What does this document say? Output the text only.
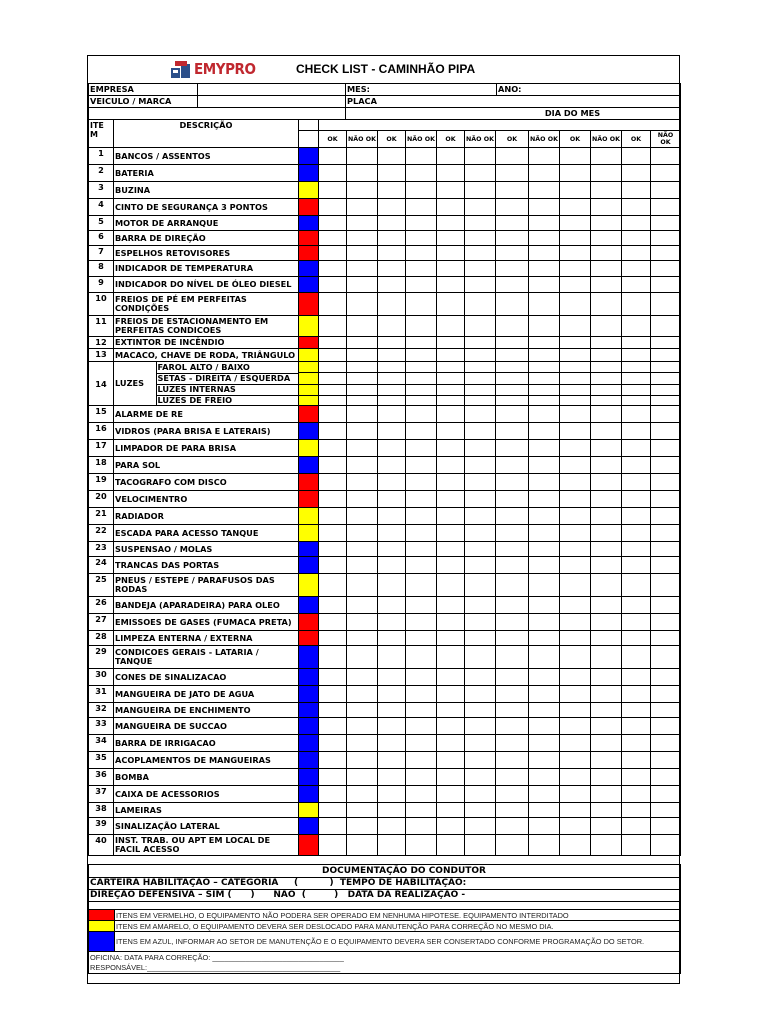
EMYPRO	CHECK LIST - CAMINHÃO PIPA
EMPRESA		MES:	ANO:
VEICULO / MARCA		PLACA	
		DIA DO MES	
ITE M	DESCRIÇÃO		
		OK	NÃO OK	OK	NÃO OK	OK	NÃO OK	OK	NÃO OK	OK	NÃO OK	OK	NÃO OK
1	BANCOS / ASSENTOS													
2	BATERIA													
3	BUZINA													
4	CINTO DE SEGURANÇA 3 PONTOS													
5	MOTOR DE ARRANQUE													
6	BARRA DE DIREÇÃO													
7	ESPELHOS RETOVISORES													
8	INDICADOR DE TEMPERATURA													
9	INDICADOR DO NÍVEL DE ÓLEO DIESEL													
10	FREIOS DE PÉ EM PERFEITAS CONDIÇÕES													
11	FREIOS DE ESTACIONAMENTO EM PERFEITAS CONDICOES													
12	EXTINTOR DE INCÊNDIO													
13	MACACO, CHAVE DE RODA, TRIÂNGULO													
14	LUZES	FAROL ALTO / BAIXO
SETAS - DIREITA / ESQUERDA
LUZES INTERNAS
LUZES DE FREIO

15	ALARME DE RE													
16	VIDROS (PARA BRISA E LATERAIS)													
17	LIMPADOR DE PARA BRISA													
18	PARA SOL													
19	TACOGRAFO COM DISCO													
20	VELOCIMENTRO													
21	RADIADOR													
22	ESCADA PARA ACESSO TANQUE													
23	SUSPENSAO / MOLAS													
24	TRANCAS DAS PORTAS													
25	PNEUS / ESTEPE / PARAFUSOS DAS RODAS													
26	BANDEJA (APARADEIRA) PARA OLEO													
27	EMISSOES DE GASES (FUMACA PRETA)													
28	LIMPEZA ENTERNA / EXTERNA													
29	CONDICOES GERAIS - LATARIA / TANQUE													
30	CONES DE SINALIZACAO													
31	MANGUEIRA DE JATO DE AGUA													
32	MANGUEIRA DE ENCHIMENTO													
33	MANGUEIRA DE SUCCAO													
34	BARRA DE IRRIGACAO													
35	ACOPLAMENTOS DE MANGUEIRAS													
36	BOMBA													
37	CAIXA DE ACESSORIOS													
38	LAMEIRAS													
39	SINALIZAÇÃO LATERAL													
40	INST. TRAB. OU APT EM LOCAL DE FACIL ACESSO													
DOCUMENTAÇÃO DO CONDUTOR	
CARTEIRA HABILITAÇÃO – CATEGORIA     (          )  TEMPO DE HABILITAÇÃO:	
DIREÇÃO DEFENSIVA – SIM (      )      NÃO  (         )   DATA DA REALIZAÇÃO -	

	ITENS EM VERMELHO, O EQUIPAMENTO NÃO PODERA SER OPERADO EM NENHUMA HIPOTESE. EQUIPAMENTO INTERDITADO
	ITENS EM AMARELO, O EQUIPAMENTO DEVERA SER DESLOCADO PARA MANUTENÇÃO PARA CORREÇÃO NO MESMO DIA.
	ITENS EM AZUL, INFORMAR AO SETOR DE MANUTENÇÃO E O EQUIPAMENTO DEVERA SER CONSERTADO CONFORME PROGRAMAÇÃO DO SETOR.
OFICINA: DATA PARA CORREÇÃO: ________________________________	
RESPONSÁVEL:_______________________________________________	
